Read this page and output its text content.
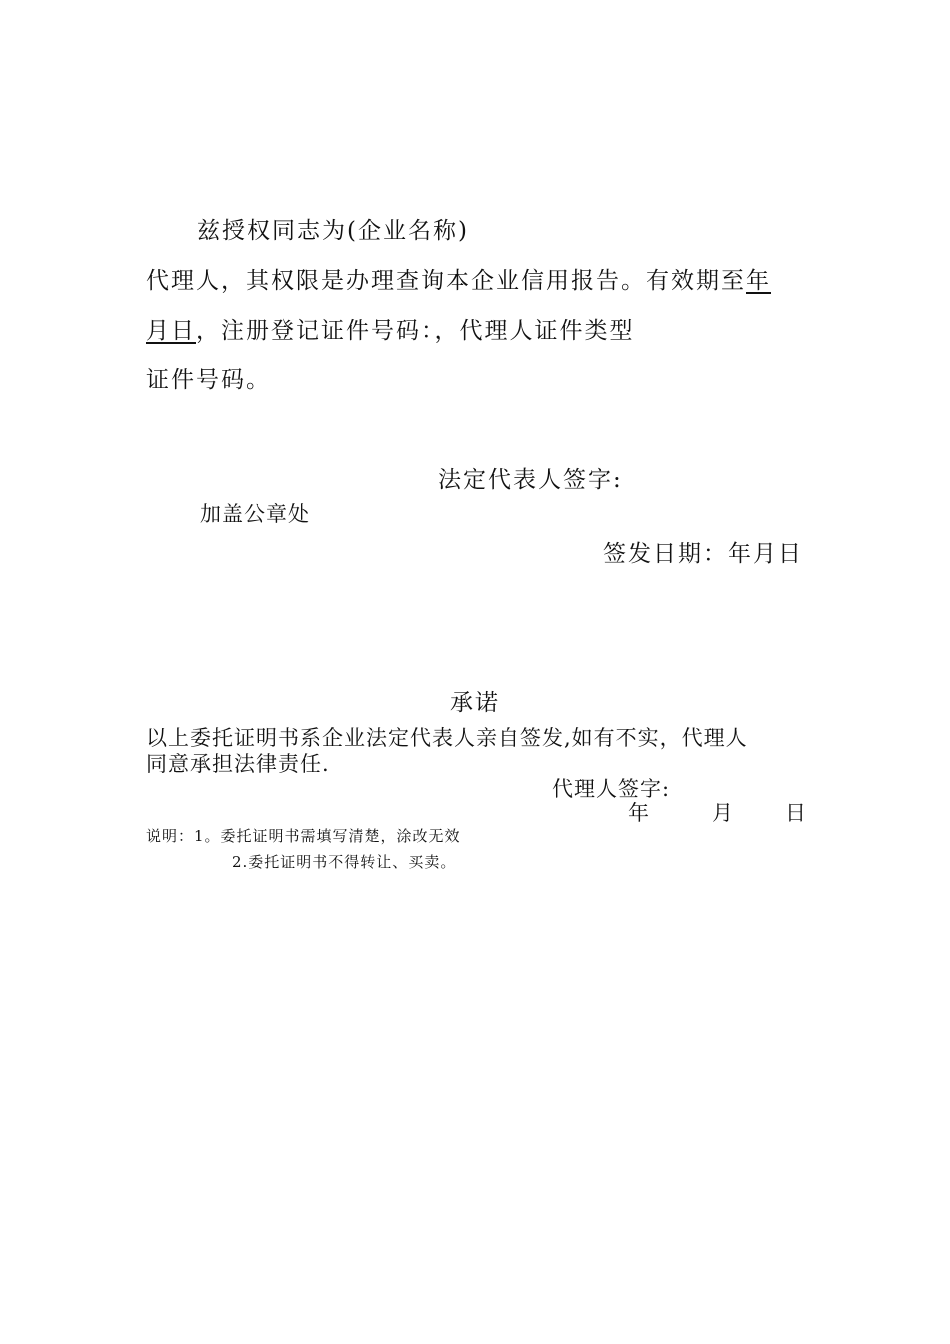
兹授权同志为(企业名称)
代理人，其权限是办理查询本企业信用报告。有效期至年
月日，注册登记证件号码：，代理人证件类型
证件号码。
法定代表人签字:
加盖公章处
签发日期：年月日
承诺
以上委托证明书系企业法定代表人亲自签发,如有不实，代理人
同意承担法律责任.
代理人签字:
年	月 日
说明：1。委托证明书需填写清楚，涂改无效
2.委托证明书不得转让、买卖。
